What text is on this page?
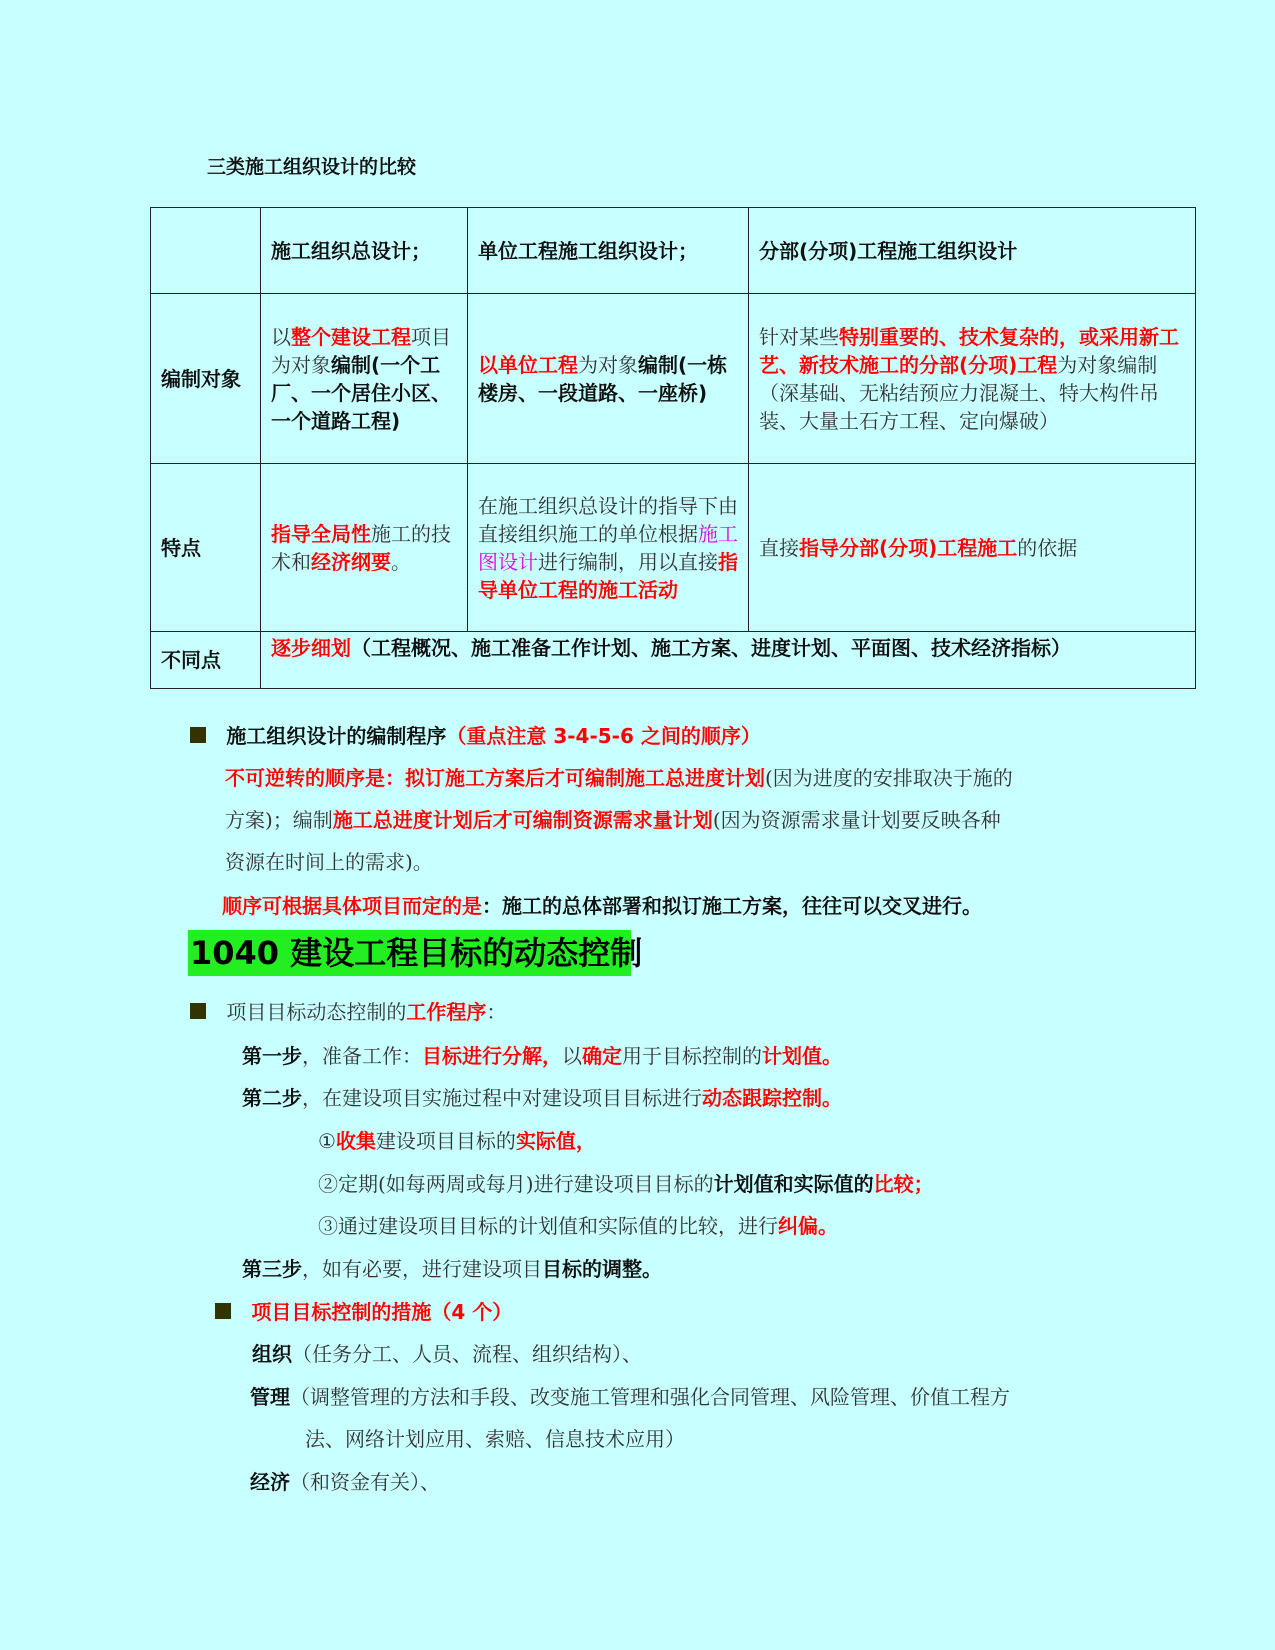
三类施工组织设计的比较
	施工组织总设计；	单位工程施工组织设计；	分部(分项)工程施工组织设计
编制对象	以整个建设工程项目为对象编制(一个工厂、一个居住小区、一个道路工程)	以单位工程为对象编制(一栋楼房、一段道路、一座桥)	针对某些特别重要的、技术复杂的，或采用新工艺、新技术施工的分部(分项)工程为对象编制（深基础、无粘结预应力混凝土、特大构件吊装、大量土石方工程、定向爆破）
特点	指导全局性施工的技术和经济纲要。	在施工组织总设计的指导下由直接组织施工的单位根据施工图设计进行编制，用以直接指导单位工程的施工活动	直接指导分部(分项)工程施工的依据
不同点	逐步细划（工程概况、施工准备工作计划、施工方案、进度计划、平面图、技术经济指标）		
施工组织设计的编制程序（重点注意 3-4-5-6 之间的顺序）
不可逆转的顺序是：拟订施工方案后才可编制施工总进度计划(因为进度的安排取决于施的
方案)；编制施工总进度计划后才可编制资源需求量计划(因为资源需求量计划要反映各种
资源在时间上的需求)。
顺序可根据具体项目而定的是：施工的总体部署和拟订施工方案，往往可以交叉进行。
1040 建设工程目标的动态控制
项目目标动态控制的工作程序：
第一步，准备工作：目标进行分解，以确定用于目标控制的计划值。
第二步，在建设项目实施过程中对建设项目目标进行动态跟踪控制。
①收集建设项目目标的实际值，
②定期(如每两周或每月)进行建设项目目标的计划值和实际值的比较；
③通过建设项目目标的计划值和实际值的比较，进行纠偏。
第三步，如有必要，进行建设项目目标的调整。
项目目标控制的措施（4 个）
组织（任务分工、人员、流程、组织结构）、
管理（调整管理的方法和手段、改变施工管理和强化合同管理、风险管理、价值工程方
法、网络计划应用、索赔、信息技术应用）
经济（和资金有关）、
